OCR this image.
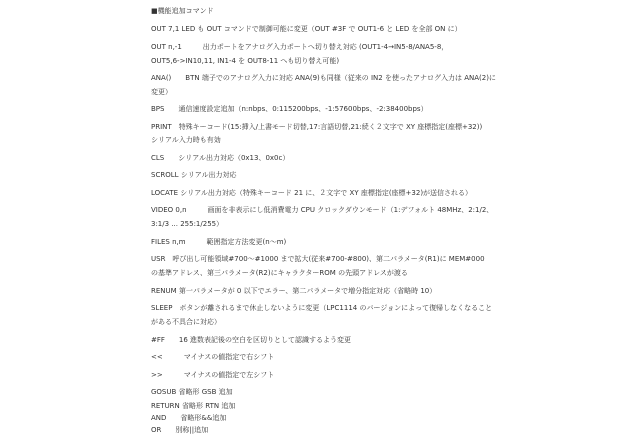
■機能追加コマンド
OUT 7,1 LED も OUT コマンドで制御可能に変更（OUT #3F で OUT1-6 と LED を全部 ON に）
OUT n,-1　　　出力ポートをアナログ入力ポートへ切り替え対応 (OUT1-4→IN5-8/ANA5-8，
OUT5,6->IN10,11, IN1-4 を OUT8-11 へも切り替え可能)
ANA()　　BTN 端子でのアナログ入力に対応 ANA(9)も同様（従来の IN2 を使ったアナログ入力は ANA(2)に
変更）
BPS　　通信速度設定追加（n:nbps、0:115200bps、-1:57600bps、-2:38400bps）
PRINT　特殊キーコード(15:挿入/上書モード切替,17:言語切替,21:続く２文字で XY 座標指定(座標+32))
シリアル入力時も有効
CLS　　シリアル出力対応（0x13、0x0c）
SCROLL シリアル出力対応
LOCATE シリアル出力対応（特殊キーコード 21 に、２文字で XY 座標指定(座標+32)が送信される）
VIDEO 0,n　　　画面を非表示にし低消費電力 CPU クロックダウンモード（1:デフォルト 48MHz、2:1/2、
3:1/3 ... 255:1/255）
FILES n,m　　　範囲指定方法変更(n〜m)
USR　呼び出し可能領域#700〜#1000 まで拡大(従来#700-#800)、第二パラメータ(R1)に MEM#000
の基準アドレス、第三パラメータ(R2)にキャラクターROM の先頭アドレスが渡る
RENUM 第一パラメータが 0 以下でエラー、第二パラメータで増分指定対応（省略時 10）
SLEEP　ボタンが離されるまで休止しないように変更（LPC1114 のバージョンによって復帰しなくなること
がある不具合に対応）
#FF　　16 進数表記後の空白を区切りとして認識するよう変更
<<　　　マイナスの値指定で右シフト
>>　　　マイナスの値指定で左シフト
GOSUB 省略形 GSB 追加
RETURN 省略形 RTN 追加
AND　　省略形&&追加
OR　　別称||追加
